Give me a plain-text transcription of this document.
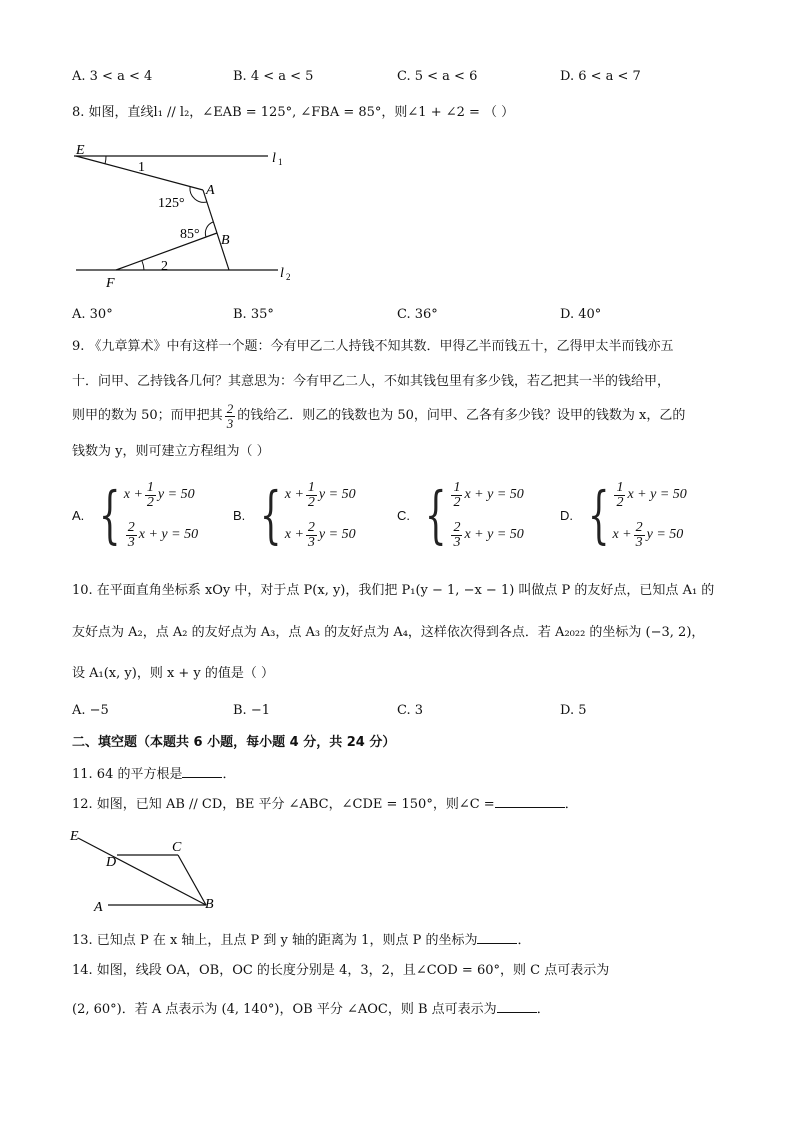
A. 3 < a < 4	B. 4 < a < 5	C. 5 < a < 6	D. 6 < a < 7
8. 如图，直线l₁ // l₂，∠EAB = 125°, ∠FBA = 85°，则∠1 + ∠2 = （ ）
E
1
A
125°
85° B
2
F
l 1
l 2
A. 30°	B. 35°	C. 36°	D. 40°
9. 《九章算术》中有这样一个题：今有甲乙二人持钱不知其数．甲得乙半而钱五十，乙得甲太半而钱亦五
十．问甲、乙持钱各几何？其意思为：今有甲乙二人，不如其钱包里有多少钱，若乙把其一半的钱给甲，
则甲的数为 50；而甲把其 $\frac{2}{3}$ 的钱给乙．则乙的钱数也为 50，问甲、乙各有多少钱？设甲的钱数为 x，乙的
钱数为 y，则可建立方程组为（ ）
A. { $x + \frac{1}{2}$ y = 50
$\frac{2}{3}$ x + y = 50
B. { $x + \frac{1}{2}$ y = 50
$x + \frac{2}{3}$ y = 50
C. { $\frac{1}{2}$ x + y = 50
$\frac{2}{3}$ x + y = 50
D. { $\frac{1}{2}$ x + y = 50
$x + \frac{2}{3}$ y = 50
10. 在平面直角坐标系 xOy 中，对于点 P(x, y)，我们把 P₁(y − 1, −x − 1) 叫做点 P 的友好点，已知点 A₁ 的
友好点为 A₂，点 A₂ 的友好点为 A₃，点 A₃ 的友好点为 A₄，这样依次得到各点．若 A₂₀₂₂ 的坐标为 (−3, 2)，
设 A₁(x, y)，则 x + y 的值是（ ）
A. −5	B. −1	C. 3	D. 5
二、填空题（本题共 6 小题，每小题 4 分，共 24 分）
11. 64 的平方根是	．
12. 如图，已知 AB // CD，BE 平分 ∠ABC，∠CDE = 150°，则∠C =	．
E
D
C
A	B
13. 已知点 P 在 x 轴上，且点 P 到 y 轴的距离为 1，则点 P 的坐标为	．
14. 如图，线段 OA，OB，OC 的长度分别是 4，3，2，且∠COD = 60°，则 C 点可表示为
(2, 60°)．若 A 点表示为 (4, 140°)，OB 平分 ∠AOC，则 B 点可表示为	．
